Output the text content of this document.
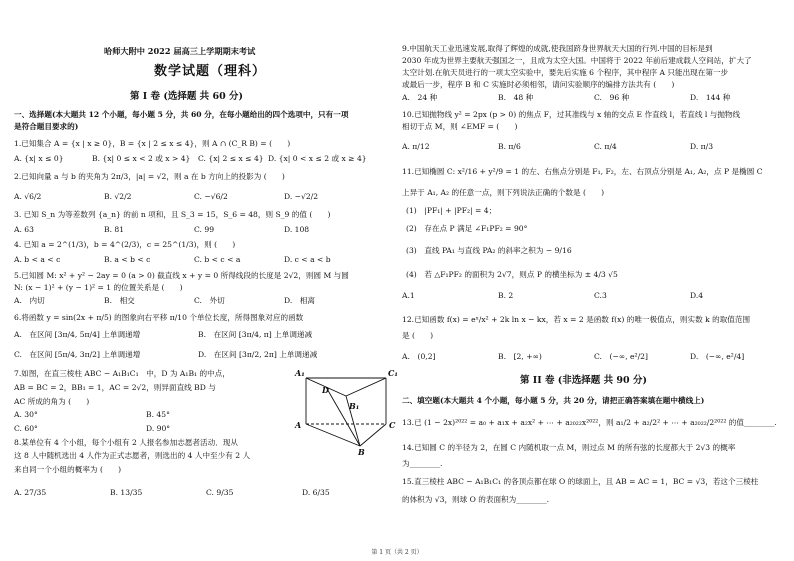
哈师大附中 2022 届高三上学期期末考试
数学试题（理科）
第 I 卷 (选择题 共 60 分)
一、选择题(本大题共 12 个小题，每小题 5 分，共 60 分，在每小题给出的四个选项中，只有一项
是符合题目要求的)
1.已知集合 A = {x | x ≥ 0}，B = {x | 2 ≤ x ≤ 4}，则 A ∩ (C_R B) = (　　)
A. {x| x ≤ 0}	B. {x| 0 ≤ x < 2 或 x > 4} C. {x| 2 ≤ x ≤ 4} D. {x| 0 < x ≤ 2 或 x ≥ 4}
2.已知向量 a 与 b 的夹角为 2π/3，|a| = √2，则 a 在 b 方向上的投影为 (　　)
A. √6/2	B. √2/2	C. −√6/2	D. −√2/2
3. 已知 S_n 为等差数列 {a_n} 的前 n 项和，且 S_3 = 15，S_6 = 48，则 S_9 的值 (　　)
A. 63	B. 81	C. 99	D. 108
4. 已知 a = 2^(1/3)，b = 4^(2/3)，c = 25^(1/3)，则 (　　)
A. b < a < c	B. a < b < c	C. b < c < a	D. c < a < b
5.已知圆 M: x² + y² − 2ay = 0 (a > 0) 截直线 x + y = 0 所得线段的长度是 2√2，则圆 M 与圆
N: (x − 1)² + (y − 1)² = 1 的位置关系是 (　　)
A.　内切	B.　相交	C.　外切	D.　相离
6.将函数 y = sin(2x + π/5) 的图象向右平移 π/10 个单位长度，所得图象对应的函数
A.　在区间 [3π/4, 5π/4] 上单调递增	B.　在区间 [3π/4, π] 上单调递减
C.　在区间 [5π/4, 3π/2] 上单调递增	D.　在区间 [3π/2, 2π] 上单调递减
7.如图，在直三棱柱 ABC − A₁B₁C₁　中，D 为 A₁B₁ 的中点，
AB = BC = 2，BB₁ = 1，AC = 2√2，则异面直线 BD 与
AC 所成的角为 (　　)
A. 30°	B. 45°
C. 60°	D. 90°
A₁	C₁
D
B₁
A	C
B
8.某单位有 4 个小组，每个小组有 2 人报名参加志愿者活动．现从
这 8 人中随机选出 4 人作为正式志愿者，则选出的 4 人中至少有 2 人
来自同一个小组的概率为 (　　)
A. 27/35	B. 13/35	C. 9/35	D. 6/35
9.中国航天工业迅速发展,取得了辉煌的成就,使我国跻身世界航天大国的行列.中国的目标是到
2030 年成为世界主要航天强国之一，且成为太空大国。中国将于 2022 年前后建成载人空间站，扩大了
太空计划.在航天员进行的一项太空实验中，要先后实施 6 个程序，其中程序 A 只能出现在第一步
或最后一步，程序 B 和 C 实施时必须相邻，请问实验顺序的编排方法共有 (　　)
A.　24 种	B.　48 种	C.　96 种	D.　144 种
10.已知抛物线 y² = 2px (p > 0) 的焦点 F，过其准线与 x 轴的交点 E 作直线 l，若直线 l 与抛物线
相切于点 M，则 ∠EMF = (　　)
A. π/12	B. π/6	C. π/4	D. π/3
11.已知椭圆 C: x²/16 + y²/9 = 1 的左、右焦点分别是 F₁, F₂，左、右顶点分别是 A₁, A₂，点 P 是椭圆 C
上异于 A₁, A₂ 的任意一点，则下列说法正确的个数是 (　　)
(1)　|PF₁| + |PF₂| = 4；
(2)　存在点 P 满足 ∠F₁PF₂ = 90°
(3)　直线 PA₁ 与直线 PA₂ 的斜率之积为 − 9/16
(4)　若 △F₁PF₂ 的面积为 2√7，则点 P 的横坐标为 ± 4/3 √5
A.1	B. 2	C.3	D.4
12.已知函数 f(x) = eˣ/x² + 2k ln x − kx，若 x = 2 是函数 f(x) 的唯一极值点，则实数 k 的取值范围
是 (　　)
A.　(0,2]	B.　[2, +∞)	C.　(−∞, e²/2]	D.　(−∞, e²/4]
第 II 卷 (非选择题 共 90 分)
二、填空题(本大题共 4 个小题，每小题 5 分，共 20 分，请把正确答案填在题中横线上)
13.已 (1 − 2x)²⁰²² = a₀ + a₁x + a₂x² + ⋯ + a₂₀₂₂x²⁰²²，则 a₁/2 + a₂/2² + ⋯ + a₂₀₂₂/2²⁰²² 的值________.
14.已知圆 C 的半径为 2，在圆 C 内随机取一点 M，则过点 M 的所有弦的长度都大于 2√3 的概率
为________.
15.直三棱柱 ABC − A₁B₁C₁ 的各顶点都在球 O 的球面上，且 AB = AC = 1，BC = √3，若这个三棱柱
的体积为 √3，则球 O 的表面积为________.
第 1 页（共 2 页）
